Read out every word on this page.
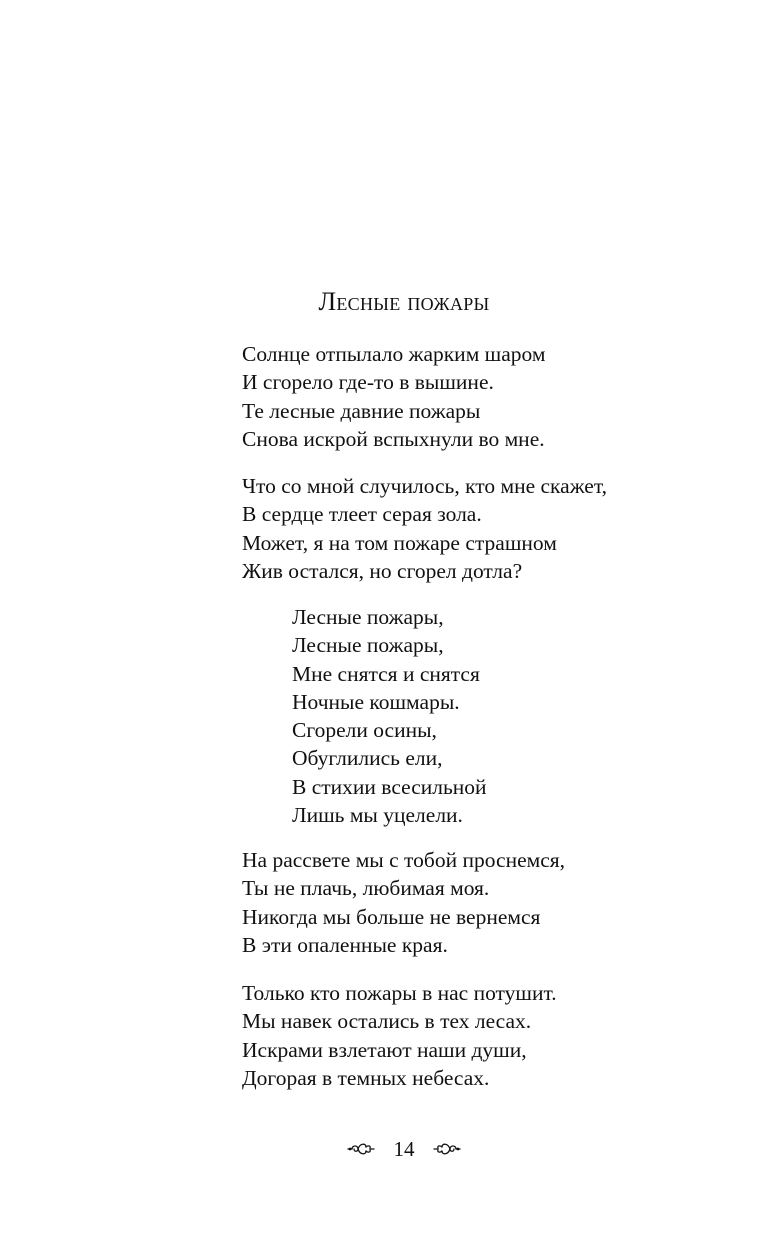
Лесные пожары
Солнце отпылало жарким шаром
И сгорело где-то в вышине.
Те лесные давние пожары
Снова искрой вспыхнули во мне.
Что со мной случилось, кто мне скажет,
В сердце тлеет серая зола.
Может, я на том пожаре страшном
Жив остался, но сгорел дотла?
Лесные пожары,
Лесные пожары,
Мне снятся и снятся
Ночные кошмары.
Сгорели осины,
Обуглились ели,
В стихии всесильной
Лишь мы уцелели.
На рассвете мы с тобой проснемся,
Ты не плачь, любимая моя.
Никогда мы больше не вернемся
В эти опаленные края.
Только кто пожары в нас потушит.
Мы навек остались в тех лесах.
Искрами взлетают наши души,
Догорая в темных небесах.
14
